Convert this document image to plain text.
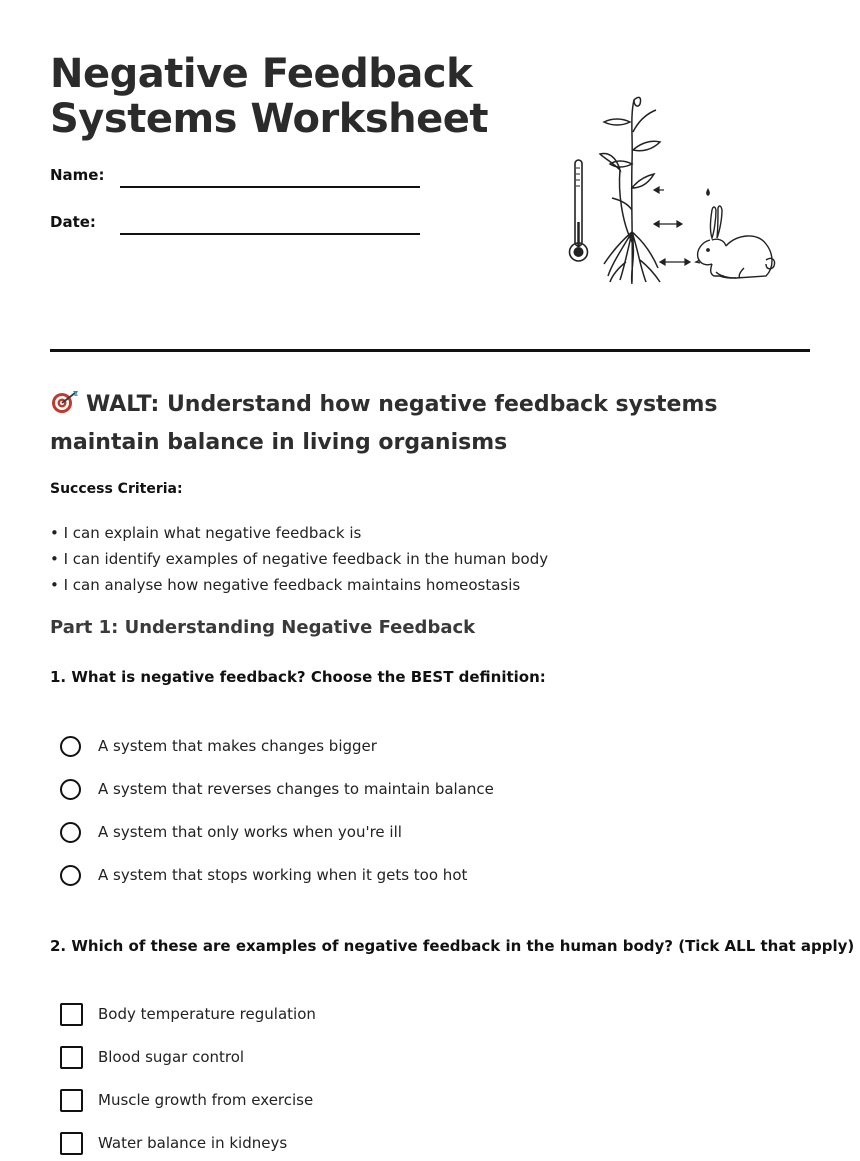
Negative Feedback
Systems Worksheet
Name:
Date:
WALT: Understand how negative feedback systems maintain balance in living organisms
Success Criteria:
• I can explain what negative feedback is
• I can identify examples of negative feedback in the human body
• I can analyse how negative feedback maintains homeostasis
Part 1: Understanding Negative Feedback

1. What is negative feedback? Choose the BEST definition:

A system that makes changes bigger
A system that reverses changes to maintain balance
A system that only works when you're ill
A system that stops working when it gets too hot

2. Which of these are examples of negative feedback in the human body? (Tick ALL that apply)

Body temperature regulation
Blood sugar control
Muscle growth from exercise
Water balance in kidneys
